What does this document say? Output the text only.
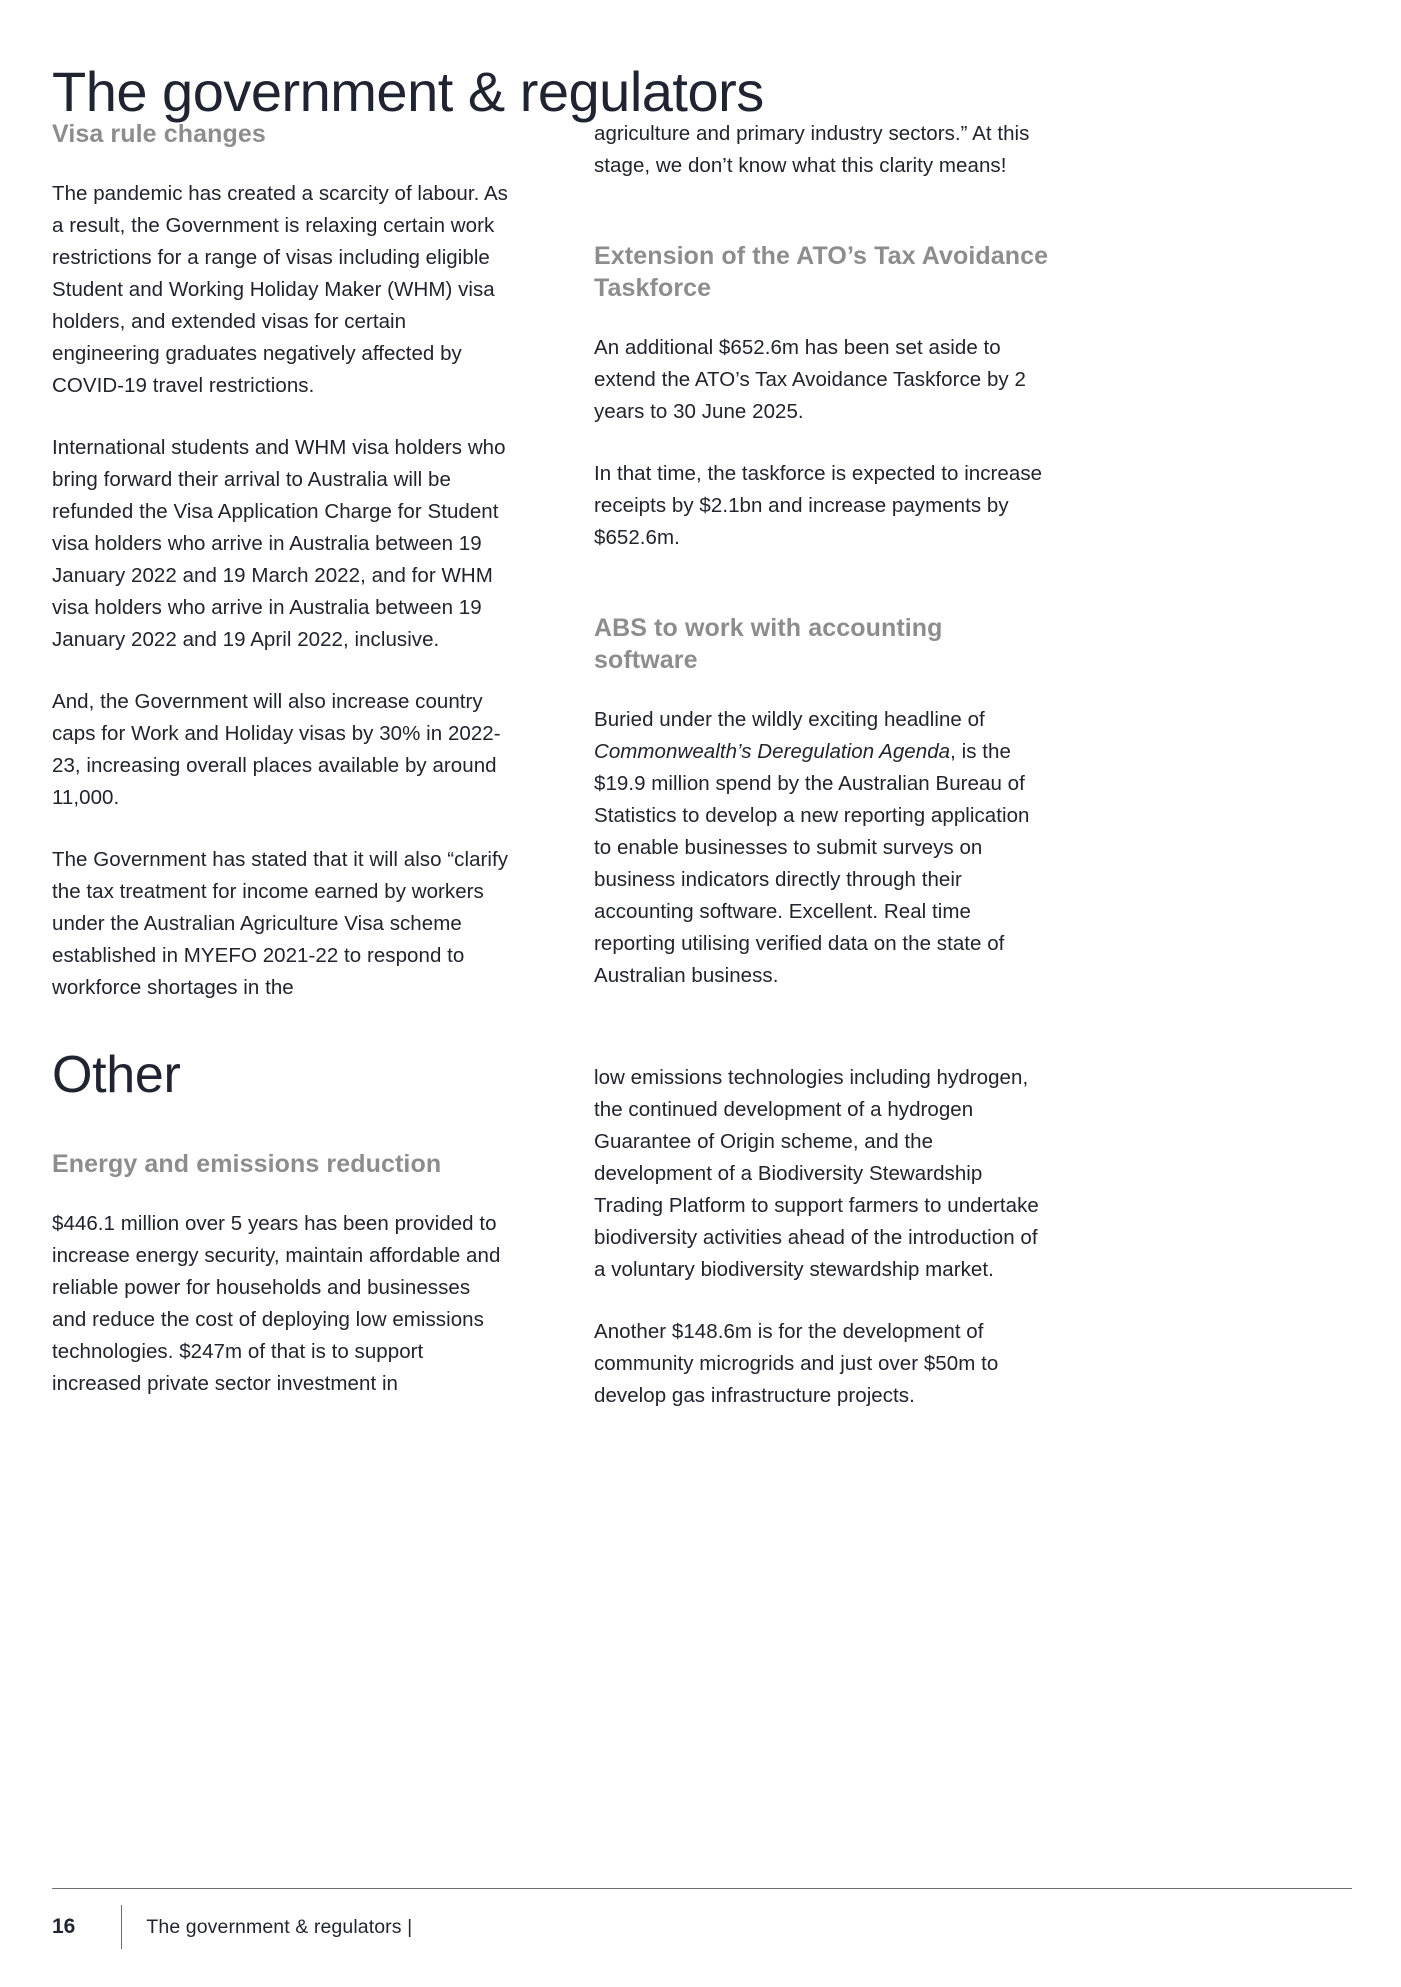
The government & regulators
Visa rule changes

The pandemic has created a scarcity of labour. As a result, the Government is relaxing certain work restrictions for a range of visas including eligible Student and Working Holiday Maker (WHM) visa holders, and extended visas for certain engineering graduates negatively affected by COVID-19 travel restrictions.

International students and WHM visa holders who bring forward their arrival to Australia will be refunded the Visa Application Charge for Student visa holders who arrive in Australia between 19 January 2022 and 19 March 2022, and for WHM visa holders who arrive in Australia between 19 January 2022 and 19 April 2022, inclusive.

And, the Government will also increase country caps for Work and Holiday visas by 30% in 2022-23, increasing overall places available by around 11,000.

The Government has stated that it will also “clarify the tax treatment for income earned by workers under the Australian Agriculture Visa scheme established in MYEFO 2021-22 to respond to workforce shortages in the

Other
Energy and emissions reduction

$446.1 million over 5 years has been provided to increase energy security, maintain affordable and reliable power for households and businesses and reduce the cost of deploying low emissions technologies. $247m of that is to support increased private sector investment in

agriculture and primary industry sectors.” At this stage, we don’t know what this clarity means!

Extension of the ATO’s Tax Avoidance Taskforce

An additional $652.6m has been set aside to extend the ATO’s Tax Avoidance Taskforce by 2 years to 30 June 2025.

In that time, the taskforce is expected to increase receipts by $2.1bn and increase payments by $652.6m.

ABS to work with accounting software

Buried under the wildly exciting headline of Commonwealth’s Deregulation Agenda, is the $19.9 million spend by the Australian Bureau of Statistics to develop a new reporting application to enable businesses to submit surveys on business indicators directly through their accounting software. Excellent. Real time reporting utilising verified data on the state of Australian business.

low emissions technologies including hydrogen, the continued development of a hydrogen Guarantee of Origin scheme, and the development of a Biodiversity Stewardship Trading Platform to support farmers to undertake biodiversity activities ahead of the introduction of a voluntary biodiversity stewardship market.

Another $148.6m is for the development of community microgrids and just over $50m to develop gas infrastructure projects.

16	The government & regulators |
